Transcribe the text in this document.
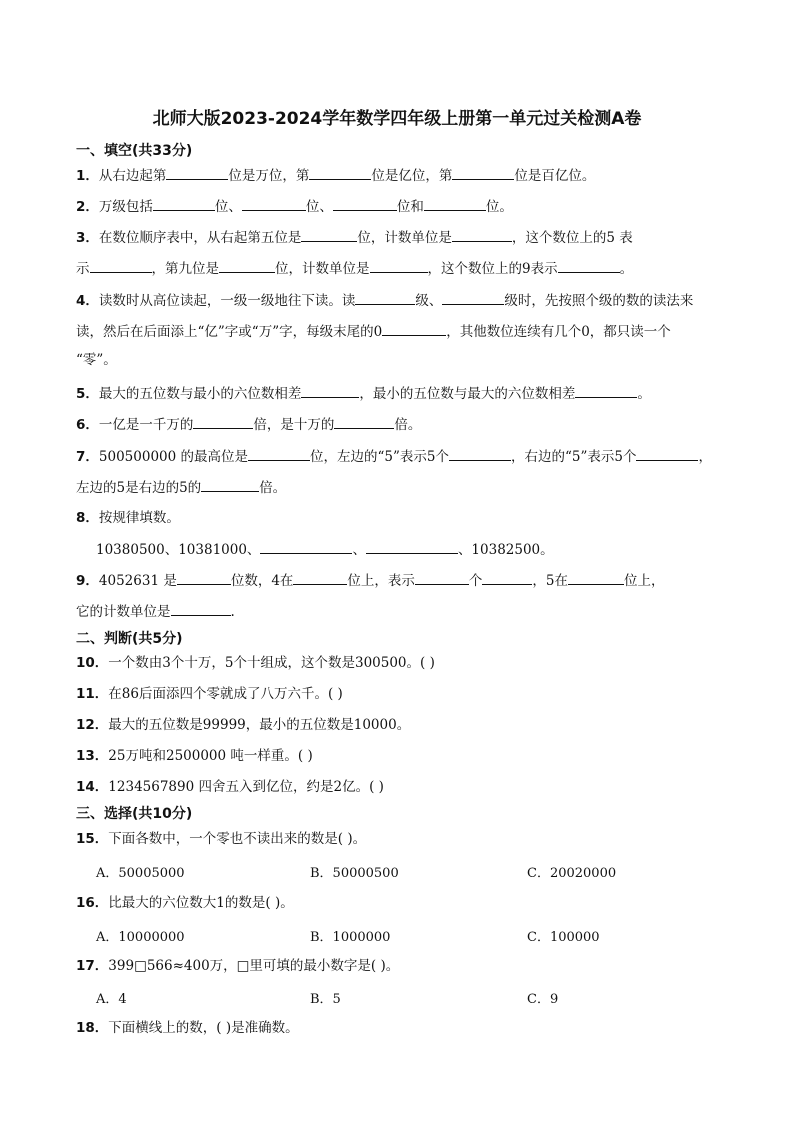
北师大版2023-2024学年数学四年级上册第一单元过关检测A卷
一、填空(共33分)
1．从右边起第	位是万位，第	位是亿位，第	位是百亿位。
2．万级包括	位、	位、	位和	位。
3．在数位顺序表中，从右起第五位是	位，计数单位是	，这个数位上的5 表
示	，第九位是	位，计数单位是	，这个数位上的9表示	。
4．读数时从高位读起，一级一级地往下读。读	级、	级时，先按照个级的数的读法来
读，然后在后面添上“亿”字或“万”字，每级末尾的0	，其他数位连续有几个0，都只读一个
“零”。
5．最大的五位数与最小的六位数相差	，最小的五位数与最大的六位数相差	。
6．一亿是一千万的	倍，是十万的	倍。
7．500500000 的最高位是	位，左边的“5”表示5个	，右边的“5”表示5个	，
左边的5是右边的5的	倍。
8．按规律填数。
10380500、10381000、	、	、10382500。
9．4052631 是	位数，4在	位上，表示	个	，5在	位上，
它的计数单位是	.
二、判断(共5分)
10．一个数由3个十万，5个十组成，这个数是300500。( )
11．在86后面添四个零就成了八万六千。( )
12．最大的五位数是99999，最小的五位数是10000。
13．25万吨和2500000 吨一样重。( )
14．1234567890 四舍五入到亿位，约是2亿。( )
三、选择(共10分)
15．下面各数中，一个零也不读出来的数是( )。
A．50005000	B．50000500	C．20020000
16．比最大的六位数大1的数是( )。
A．10000000	B．1000000	C．100000
17．399□566≈400万，□里可填的最小数字是( )。
A．4	B．5	C．9
18．下面横线上的数，( )是准确数。
